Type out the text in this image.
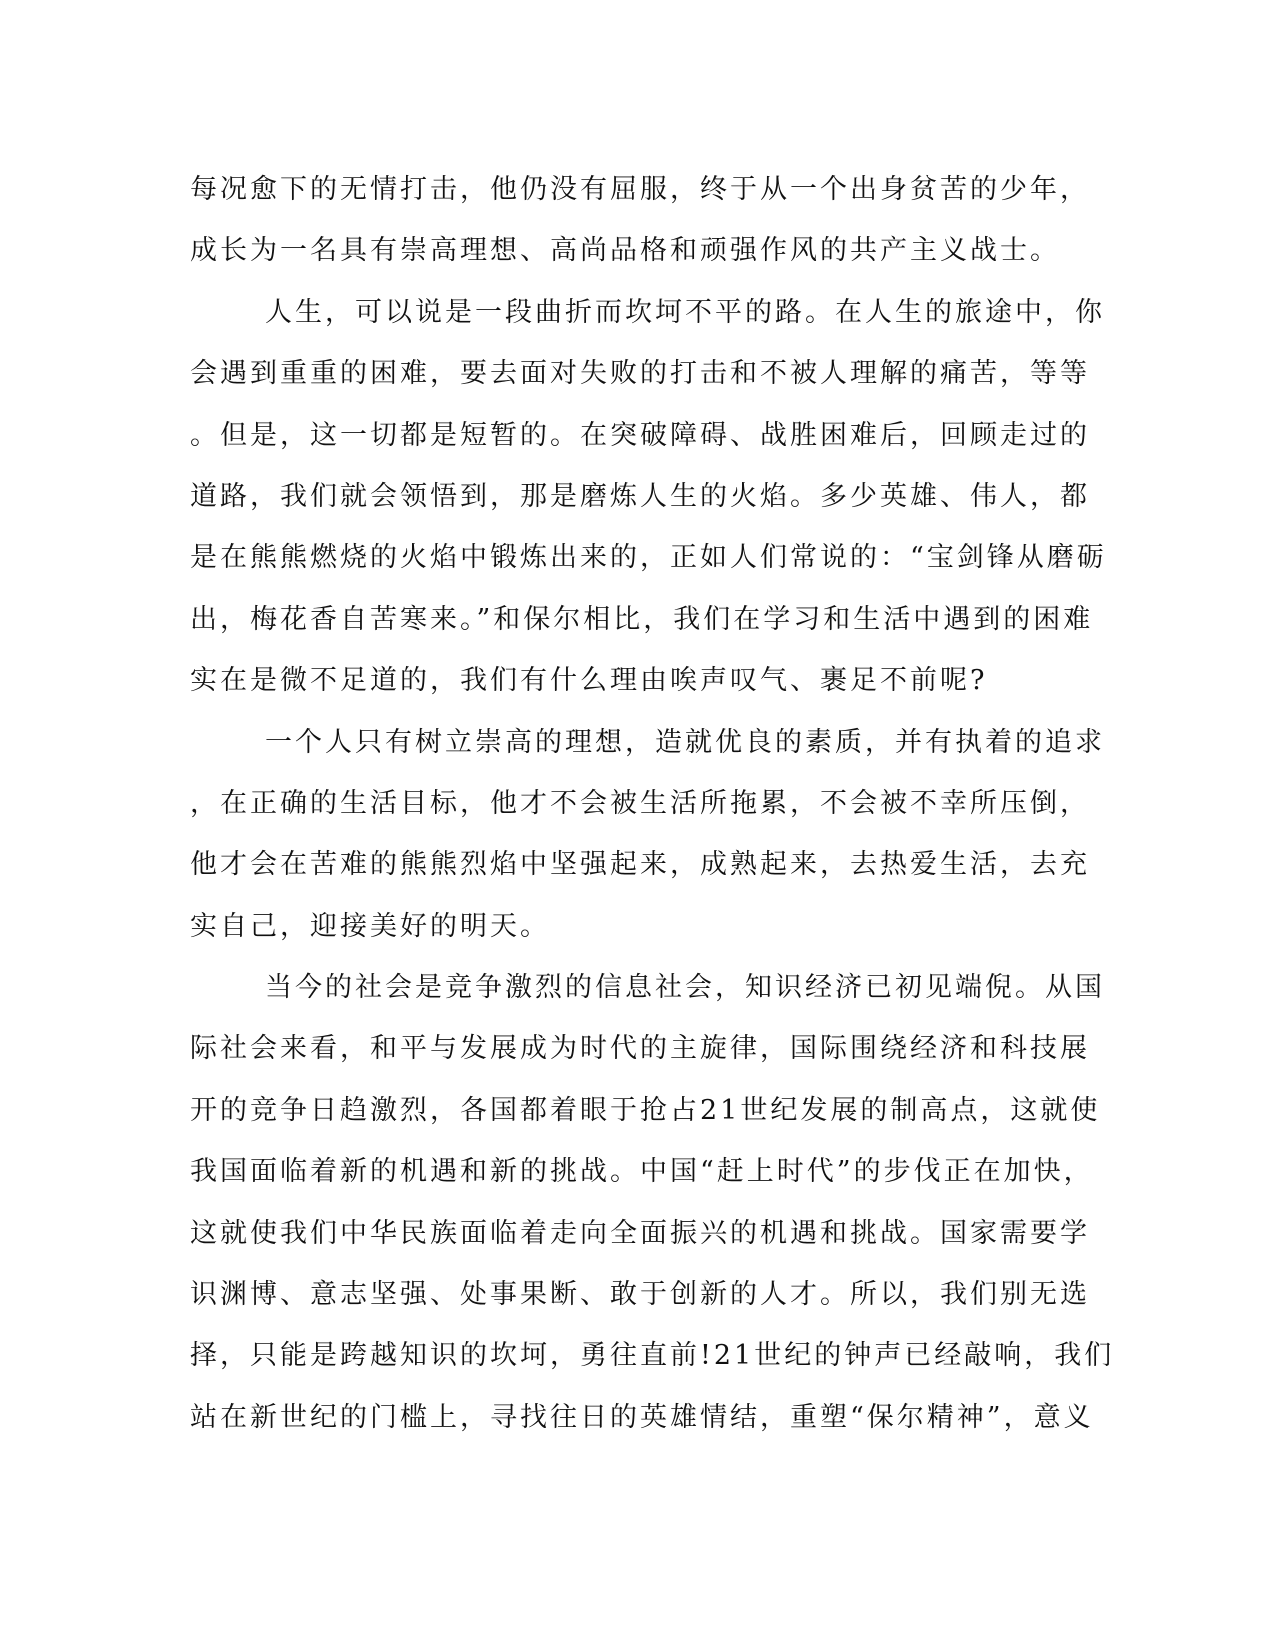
每况愈下的无情打击，他仍没有屈服，终于从一个出身贫苦的少年，
成长为一名具有崇高理想、高尚品格和顽强作风的共产主义战士。
人生，可以说是一段曲折而坎坷不平的路。在人生的旅途中，你
会遇到重重的困难，要去面对失败的打击和不被人理解的痛苦，等等
。但是，这一切都是短暂的。在突破障碍、战胜困难后，回顾走过的
道路，我们就会领悟到，那是磨炼人生的火焰。多少英雄、伟人，都
是在熊熊燃烧的火焰中锻炼出来的，正如人们常说的：“宝剑锋从磨砺
出，梅花香自苦寒来。”和保尔相比，我们在学习和生活中遇到的困难
实在是微不足道的，我们有什么理由唉声叹气、裹足不前呢?
一个人只有树立崇高的理想，造就优良的素质，并有执着的追求
，在正确的生活目标，他才不会被生活所拖累，不会被不幸所压倒，
他才会在苦难的熊熊烈焰中坚强起来，成熟起来，去热爱生活，去充
实自己，迎接美好的明天。
当今的社会是竞争激烈的信息社会，知识经济已初见端倪。从国
际社会来看，和平与发展成为时代的主旋律，国际围绕经济和科技展
开的竞争日趋激烈，各国都着眼于抢占21世纪发展的制高点，这就使
我国面临着新的机遇和新的挑战。中国“赶上时代”的步伐正在加快，
这就使我们中华民族面临着走向全面振兴的机遇和挑战。国家需要学
识渊博、意志坚强、处事果断、敢于创新的人才。所以，我们别无选
择，只能是跨越知识的坎坷，勇往直前!21世纪的钟声已经敲响，我们
站在新世纪的门槛上，寻找往日的英雄情结，重塑“保尔精神”，意义
